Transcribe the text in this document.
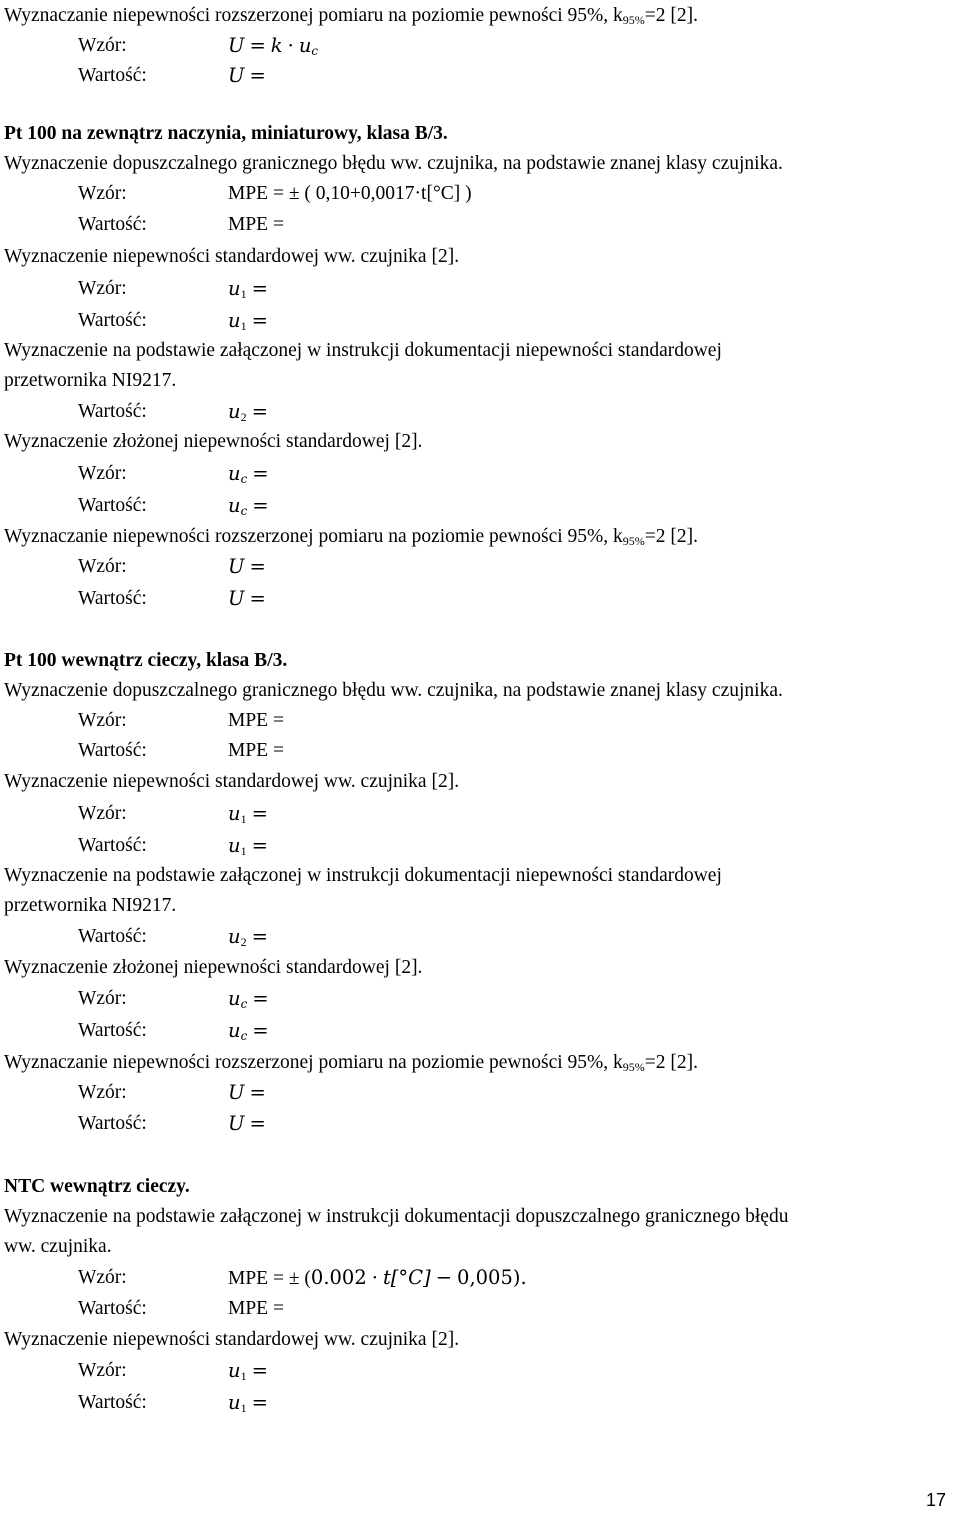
Wyznaczanie niepewności rozszerzonej pomiaru na poziomie pewności 95%, $k_{95\%}=2$ [2].
Wzór:	$U = k \cdot u_c$
Wartość:	U =
Pt 100 na zewnątrz naczynia, miniaturowy, klasa B/3.
Wyznaczenie dopuszczalnego granicznego błędu ww. czujnika, na podstawie znanej klasy czujnika.
Wzór:	MPE = ± ( 0,10+0,0017·t[°C] )
Wartość:	MPE =
Wyznaczenie niepewności standardowej ww. czujnika [2].
Wzór:	$u_1$ =
Wartość:	$u_1$ =
Wyznaczenie na podstawie załączonej w instrukcji dokumentacji niepewności standardowej
przetwornika NI9217.
Wartość:	$u_2$ =
Wyznaczenie złożonej niepewności standardowej [2].
Wzór:	$u_c$ =
Wartość:	$u_c$ =
Wyznaczanie niepewności rozszerzonej pomiaru na poziomie pewności 95%, $k_{95\%}=2$ [2].
Wzór:	U =
Wartość:	U =
Pt 100 wewnątrz cieczy, klasa B/3.
Wyznaczenie dopuszczalnego granicznego błędu ww. czujnika, na podstawie znanej klasy czujnika.
Wzór:	MPE =
Wartość:	MPE =
Wyznaczenie niepewności standardowej ww. czujnika [2].
Wzór:	$u_1$ =
Wartość:	$u_1$ =
Wyznaczenie na podstawie załączonej w instrukcji dokumentacji niepewności standardowej
przetwornika NI9217.
Wartość:	$u_2$ =
Wyznaczenie złożonej niepewności standardowej [2].
Wzór:	$u_c$ =
Wartość:	$u_c$ =
Wyznaczanie niepewności rozszerzonej pomiaru na poziomie pewności 95%, $k_{95\%}=2$ [2].
Wzór:	U =
Wartość:	U =
NTC wewnątrz cieczy.
Wyznaczenie na podstawie załączonej w instrukcji dokumentacji dopuszczalnego granicznego błędu
ww. czujnika.
Wzór:	MPE = ± (0.002 · t[°C] − 0,005).
Wartość:	MPE =
Wyznaczenie niepewności standardowej ww. czujnika [2].
Wzór:	$u_1$ =
Wartość:	$u_1$ =
17
